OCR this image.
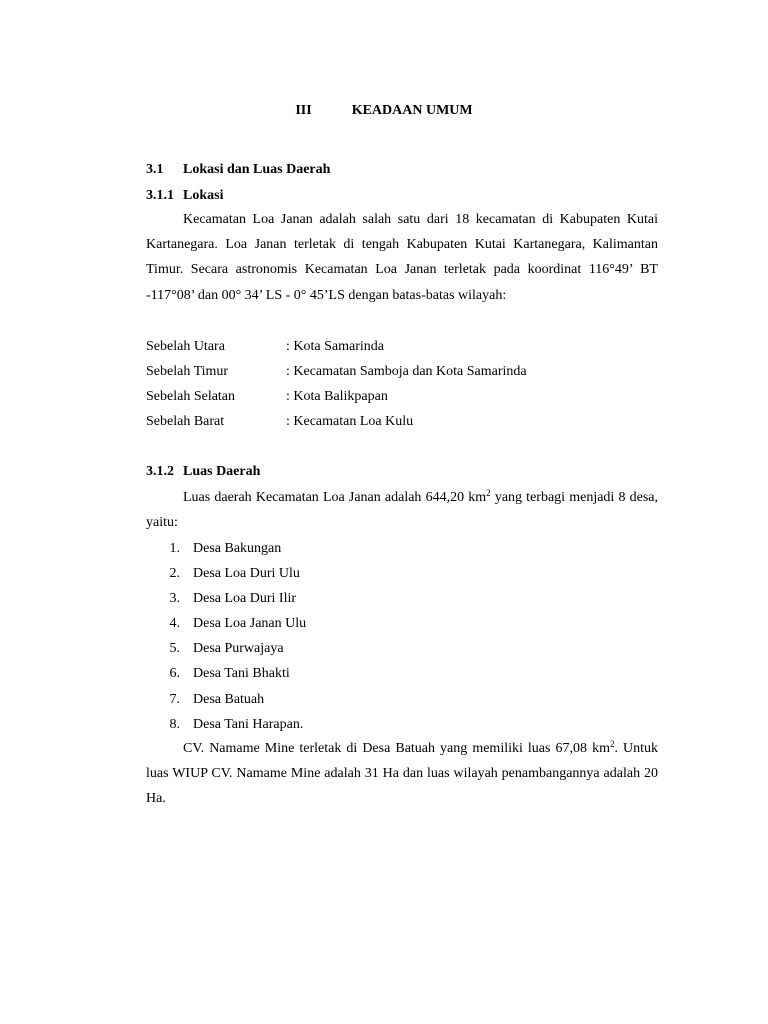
III	KEADAAN UMUM
3.1 Lokasi dan Luas Daerah
3.1.1 Lokasi
Kecamatan Loa Janan adalah salah satu dari 18 kecamatan di Kabupaten Kutai Kartanegara. Loa Janan terletak di tengah Kabupaten Kutai Kartanegara, Kalimantan Timur. Secara astronomis Kecamatan Loa Janan terletak pada koordinat 116°49’ BT -117°08’ dan 00° 34’ LS - 0° 45’LS dengan batas-batas wilayah:
Sebelah Utara	: Kota Samarinda
Sebelah Timur	: Kecamatan Samboja dan Kota Samarinda
Sebelah Selatan	: Kota Balikpapan
Sebelah Barat	: Kecamatan Loa Kulu
3.1.2 Luas Daerah
Luas daerah Kecamatan Loa Janan adalah 644,20 $km^2$ yang terbagi menjadi 8 desa, yaitu:
1. Desa Bakungan
2. Desa Loa Duri Ulu
3. Desa Loa Duri Ilir
4. Desa Loa Janan Ulu
5. Desa Purwajaya
6. Desa Tani Bhakti
7. Desa Batuah
8. Desa Tani Harapan.
CV. Namame Mine terletak di Desa Batuah yang memiliki luas 67,08 $km^2$. Untuk luas WIUP CV. Namame Mine adalah 31 Ha dan luas wilayah penambangannya adalah 20 Ha.
